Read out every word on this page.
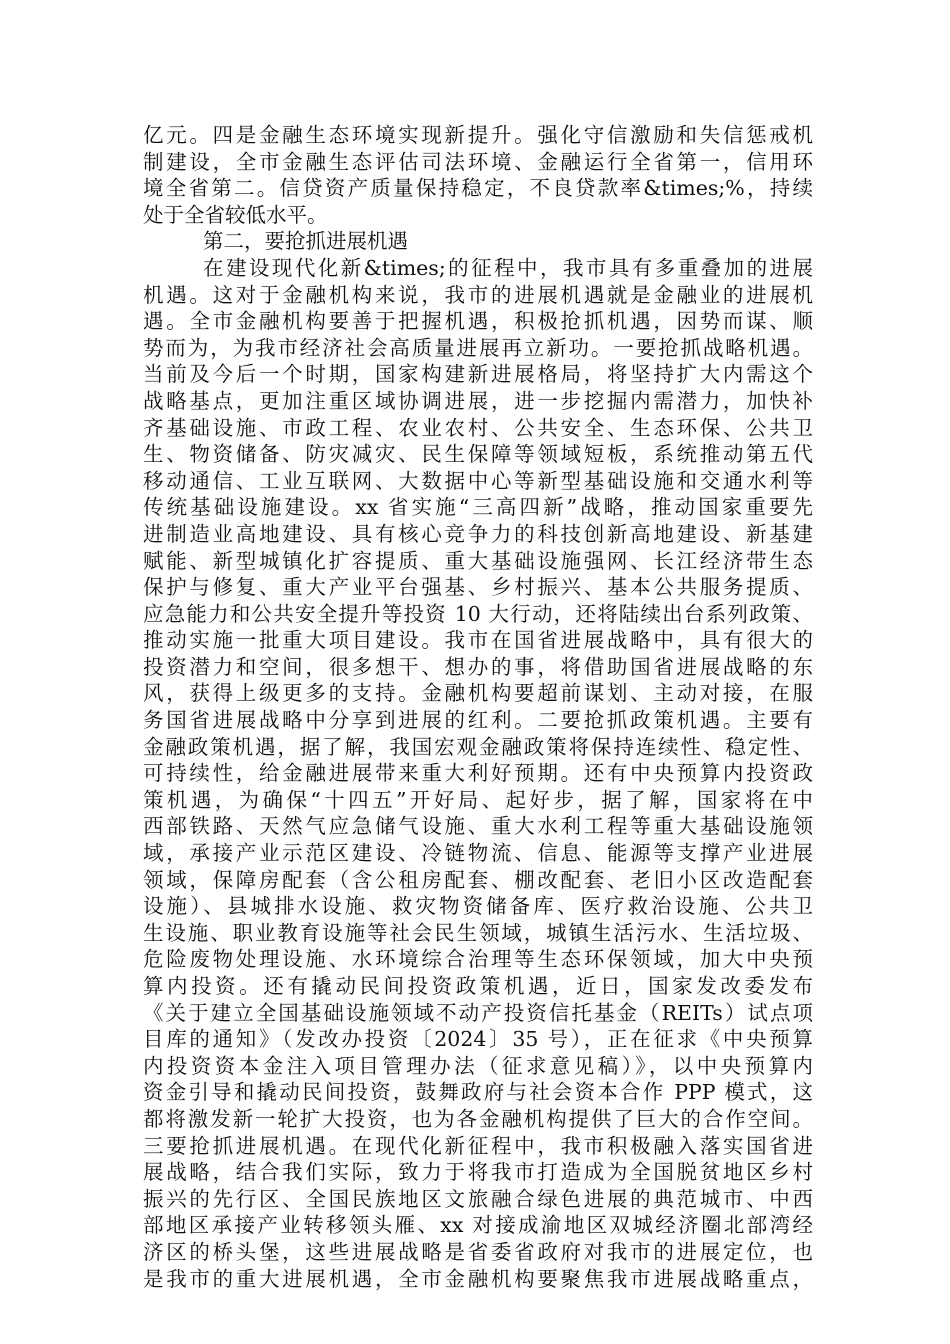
亿元。四是金融生态环境实现新提升。强化守信激励和失信惩戒机
制建设，全市金融生态评估司法环境、金融运行全省第一，信用环
境全省第二。信贷资产质量保持稳定，不良贷款率&times;%，持续
处于全省较低水平。
第二，要抢抓进展机遇
在建设现代化新&times;的征程中，我市具有多重叠加的进展
机遇。这对于金融机构来说，我市的进展机遇就是金融业的进展机
遇。全市金融机构要善于把握机遇，积极抢抓机遇，因势而谋、顺
势而为，为我市经济社会高质量进展再立新功。一要抢抓战略机遇。
当前及今后一个时期，国家构建新进展格局，将坚持扩大内需这个
战略基点，更加注重区域协调进展，进一步挖掘内需潜力，加快补
齐基础设施、市政工程、农业农村、公共安全、生态环保、公共卫
生、物资储备、防灾减灾、民生保障等领域短板，系统推动第五代
移动通信、工业互联网、大数据中心等新型基础设施和交通水利等
传统基础设施建设。xx 省实施“三高四新”战略，推动国家重要先
进制造业高地建设、具有核心竞争力的科技创新高地建设、新基建
赋能、新型城镇化扩容提质、重大基础设施强网、长江经济带生态
保护与修复、重大产业平台强基、乡村振兴、基本公共服务提质、
应急能力和公共安全提升等投资 10 大行动，还将陆续出台系列政策、
推动实施一批重大项目建设。我市在国省进展战略中，具有很大的
投资潜力和空间，很多想干、想办的事，将借助国省进展战略的东
风，获得上级更多的支持。金融机构要超前谋划、主动对接，在服
务国省进展战略中分享到进展的红利。二要抢抓政策机遇。主要有
金融政策机遇，据了解，我国宏观金融政策将保持连续性、稳定性、
可持续性，给金融进展带来重大利好预期。还有中央预算内投资政
策机遇，为确保“十四五”开好局、起好步，据了解，国家将在中
西部铁路、天然气应急储气设施、重大水利工程等重大基础设施领
域，承接产业示范区建设、冷链物流、信息、能源等支撑产业进展
领域，保障房配套（含公租房配套、棚改配套、老旧小区改造配套
设施）、县城排水设施、救灾物资储备库、医疗救治设施、公共卫
生设施、职业教育设施等社会民生领域，城镇生活污水、生活垃圾、
危险废物处理设施、水环境综合治理等生态环保领域，加大中央预
算内投资。还有撬动民间投资政策机遇，近日，国家发改委发布
《关于建立全国基础设施领域不动产投资信托基金（REITs）试点项
目库的通知》（发改办投资〔2024〕35 号），正在征求《中央预算
内投资资本金注入项目管理办法（征求意见稿）》，以中央预算内
资金引导和撬动民间投资，鼓舞政府与社会资本合作 PPP 模式，这
都将激发新一轮扩大投资，也为各金融机构提供了巨大的合作空间。
三要抢抓进展机遇。在现代化新征程中，我市积极融入落实国省进
展战略，结合我们实际，致力于将我市打造成为全国脱贫地区乡村
振兴的先行区、全国民族地区文旅融合绿色进展的典范城市、中西
部地区承接产业转移领头雁、xx 对接成渝地区双城经济圈北部湾经
济区的桥头堡，这些进展战略是省委省政府对我市的进展定位，也
是我市的重大进展机遇，全市金融机构要聚焦我市进展战略重点，
